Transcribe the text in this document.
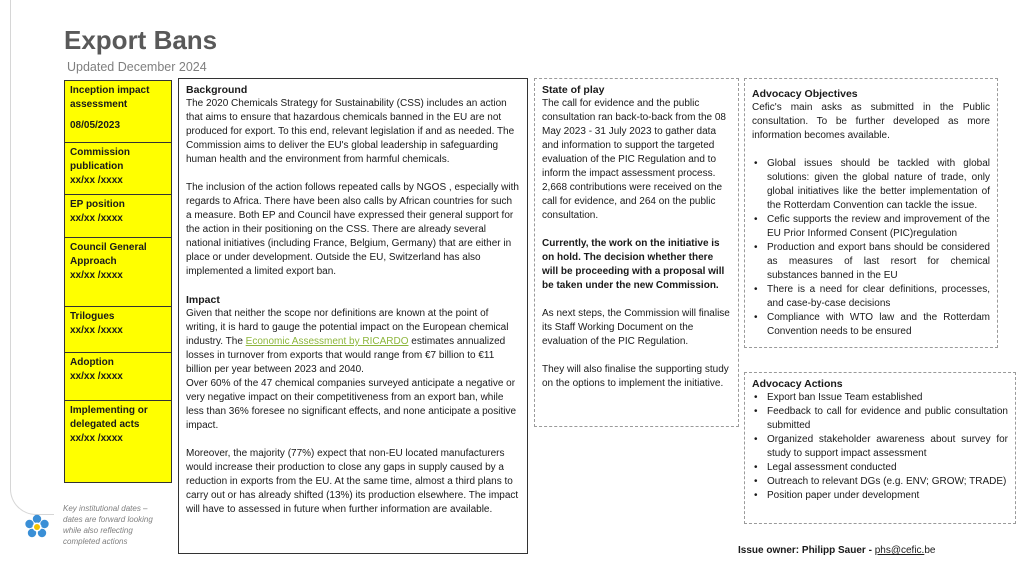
Export Bans
Updated December 2024
Inception impact assessment
08/05/2023
Commission publication
xx/xx /xxxx
EP position
xx/xx /xxxx
Council General Approach
xx/xx /xxxx
Trilogues
xx/xx /xxxx
Adoption
xx/xx /xxxx
Implementing or delegated acts
xx/xx /xxxx
Key institutional dates – dates are forward looking while also reflecting completed actions
Background

The 2020 Chemicals Strategy for Sustainability (CSS) includes an action that aims to ensure that hazardous chemicals banned in the EU are not produced for export. To this end, relevant legislation if and as needed. The Commission aims to deliver the EU's global leadership in safeguarding human health and the environment from harmful chemicals.

The inclusion of the action follows repeated calls by NGOS , especially with regards to Africa. There have been also calls by African countries for such a measure. Both EP and Council have expressed their general support for the action in their positioning on the CSS. There are already several national initiatives (including France, Belgium, Germany) that are either in place or under development. Outside the EU, Switzerland has also implemented a limited export ban.

Impact
Given that neither the scope nor definitions are known at the point of writing, it is hard to gauge the potential impact on the European chemical industry. The Economic Assessment by RICARDO estimates annualized losses in turnover from exports that would range from €7 billion to €11 billion per year between 2023 and 2040.

Over 60% of the 47 chemical companies surveyed anticipate a negative or very negative impact on their competitiveness from an export ban, while less than 36% foresee no significant effects, and none anticipate a positive impact.

Moreover, the majority (77%) expect that non-EU located manufacturers would increase their production to close any gaps in supply caused by a reduction in exports from the EU. At the same time, almost a third plans to carry out or has already shifted (13%) its production elsewhere. The impact will have to assessed in future when further information are available.

State of play

The call for evidence and the public consultation ran back-to-back from the 08 May 2023 - 31 July 2023 to gather data and information to support the targeted evaluation of the PIC Regulation and to inform the impact assessment process. 2,668 contributions were received on the call for evidence, and 264 on the public consultation.

Currently, the work on the initiative is on hold. The decision whether there will be proceeding with a proposal will be taken under the new Commission.

As next steps, the Commission will finalise its Staff Working Document on the evaluation of the PIC Regulation.

They will also finalise the supporting study on the options to implement the initiative.

Advocacy Objectives

Cefic's main asks as submitted in the Public consultation. To be further developed as more information becomes available.

• Global issues should be tackled with global solutions: given the global nature of trade, only global initiatives like the better implementation of the Rotterdam Convention can tackle the issue.
• Cefic supports the review and improvement of the EU Prior Informed Consent (PIC)regulation
• Production and export bans should be considered as measures of last resort for chemical substances banned in the EU
• There is a need for clear definitions, processes, and case-by-case decisions
• Compliance with WTO law and the Rotterdam Convention needs to be ensured
Advocacy Actions
• Export ban Issue Team established
• Feedback to call for evidence and public consultation submitted
• Organized stakeholder awareness about survey for study to support impact assessment
• Legal assessment conducted
• Outreach to relevant DGs (e.g. ENV; GROW; TRADE)
• Position paper under development
Issue owner: Philipp Sauer - phs@cefic.be
